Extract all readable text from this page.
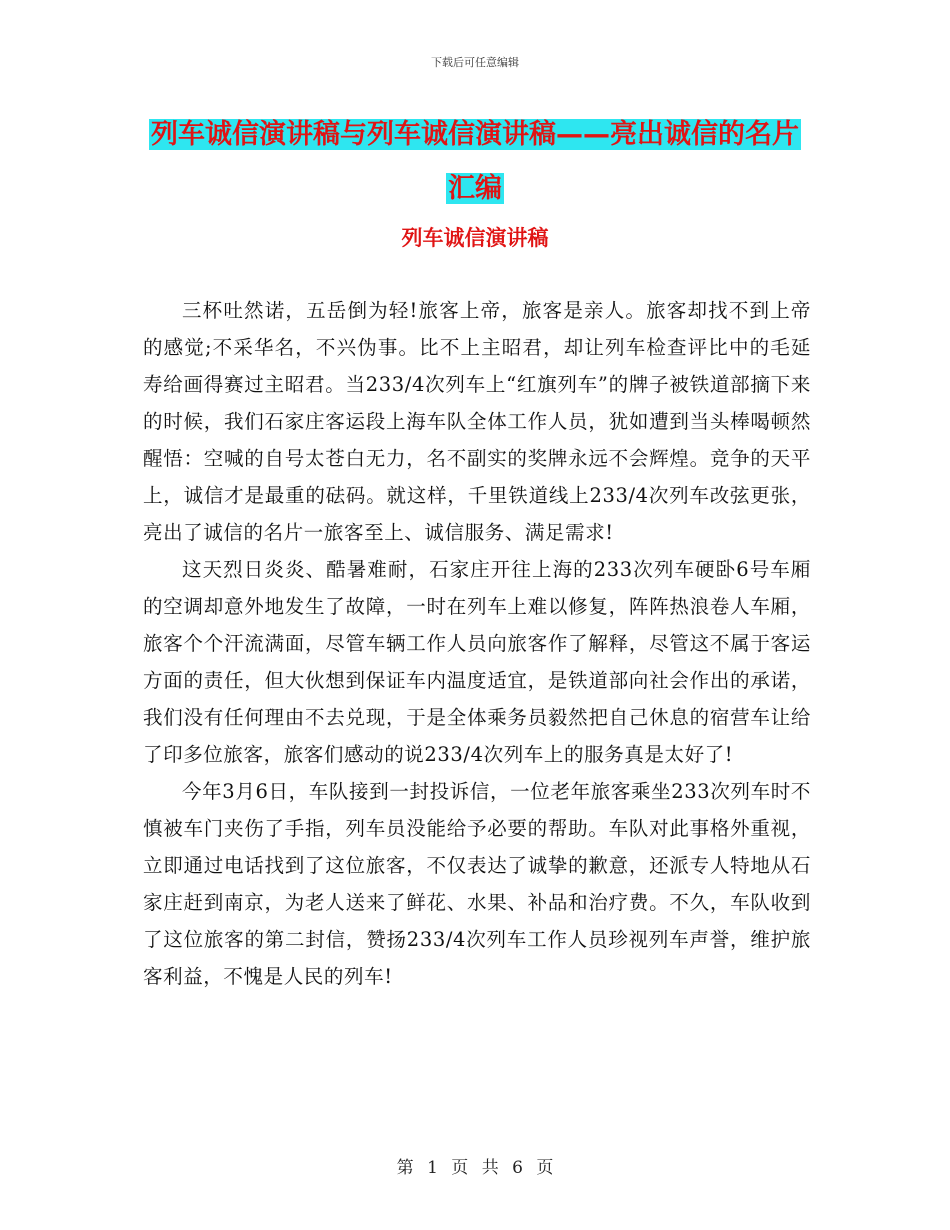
下载后可任意编辑
列车诚信演讲稿与列车诚信演讲稿——亮出诚信的名片汇编
列车诚信演讲稿

三杯吐然诺，五岳倒为轻!旅客上帝，旅客是亲人。旅客却找不到上帝的感觉;不采华名，不兴伪事。比不上主昭君，却让列车检查评比中的毛延寿给画得赛过主昭君。当233/4次列车上“红旗列车”的牌子被铁道部摘下来的时候，我们石家庄客运段上海车队全体工作人员，犹如遭到当头棒喝顿然醒悟：空喊的自号太苍白无力，名不副实的奖牌永远不会辉煌。竞争的天平上，诚信才是最重的砝码。就这样，千里铁道线上233/4次列车改弦更张，亮出了诚信的名片一旅客至上、诚信服务、满足需求!

这天烈日炎炎、酷暑难耐，石家庄开往上海的233次列车硬卧6号车厢的空调却意外地发生了故障，一时在列车上难以修复，阵阵热浪卷人车厢，旅客个个汗流满面，尽管车辆工作人员向旅客作了解释，尽管这不属于客运方面的责任，但大伙想到保证车内温度适宜，是铁道部向社会作出的承诺，我们没有任何理由不去兑现，于是全体乘务员毅然把自己休息的宿营车让给了印多位旅客，旅客们感动的说233/4次列车上的服务真是太好了!

今年3月6日，车队接到一封投诉信，一位老年旅客乘坐233次列车时不慎被车门夹伤了手指，列车员没能给予必要的帮助。车队对此事格外重视，立即通过电话找到了这位旅客，不仅表达了诚挚的歉意，还派专人特地从石家庄赶到南京，为老人送来了鲜花、水果、补品和治疗费。不久，车队收到了这位旅客的第二封信，赞扬233/4次列车工作人员珍视列车声誉，维护旅客利益，不愧是人民的列车!

第 1 页 共 6 页
